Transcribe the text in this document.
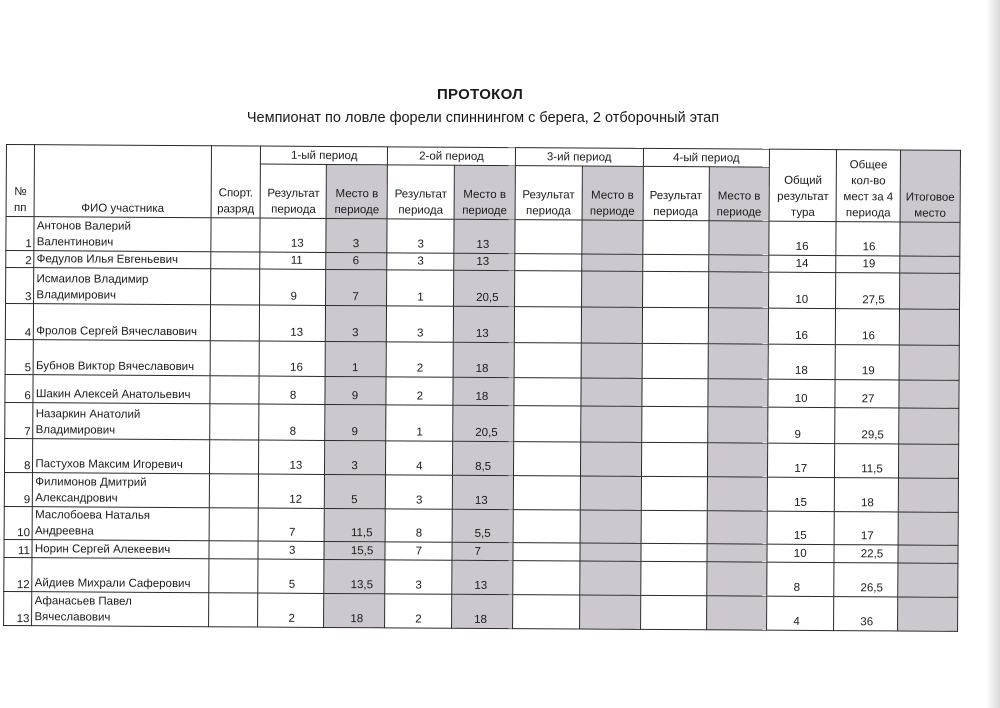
ПРОТОКОЛ
Чемпионат по ловле форели спиннингом с берега, 2 отборочный этап
№ пп	ФИО участника	Спорт. разряд	1-ый период		2-ой период		3-ий период		4-ый период		Общий результат тура	Общее кол-во мест за 4 периода	Итоговое место
			Результат периода	Место в периоде	Результат периода	Место в периоде	Результат периода	Место в периоде	Результат периода	Место в периоде			
1	Антонов Валерий Валентинович		13	3	3	13					16	16	
2	Федулов Илья Евгеньевич		11	6	3	13					14	19	
3	Исмаилов Владимир Владимирович		9	7	1	20,5					10	27,5	
4	Фролов Сергей Вячеславович		13	3	3	13					16	16	
5	Бубнов Виктор Вячеславович		16	1	2	18					18	19	
6	Шакин Алексей Анатольевич		8	9	2	18					10	27	
7	Назаркин Анатолий Владимирович		8	9	1	20,5					9	29,5	
8	Пастухов Максим Игоревич		13	3	4	8,5					17	11,5	
9	Филимонов Дмитрий Александрович		12	5	3	13					15	18	
10	Маслобоева Наталья Андреевна		7	11,5	8	5,5					15	17	
11	Норин Сергей Алекеевич		3	15,5	7	7					10	22,5	
12	Айдиев Михрали Саферович		5	13,5	3	13					8	26,5	
13	Афанасьев Павел Вячеславович		2	18	2	18					4	36	
